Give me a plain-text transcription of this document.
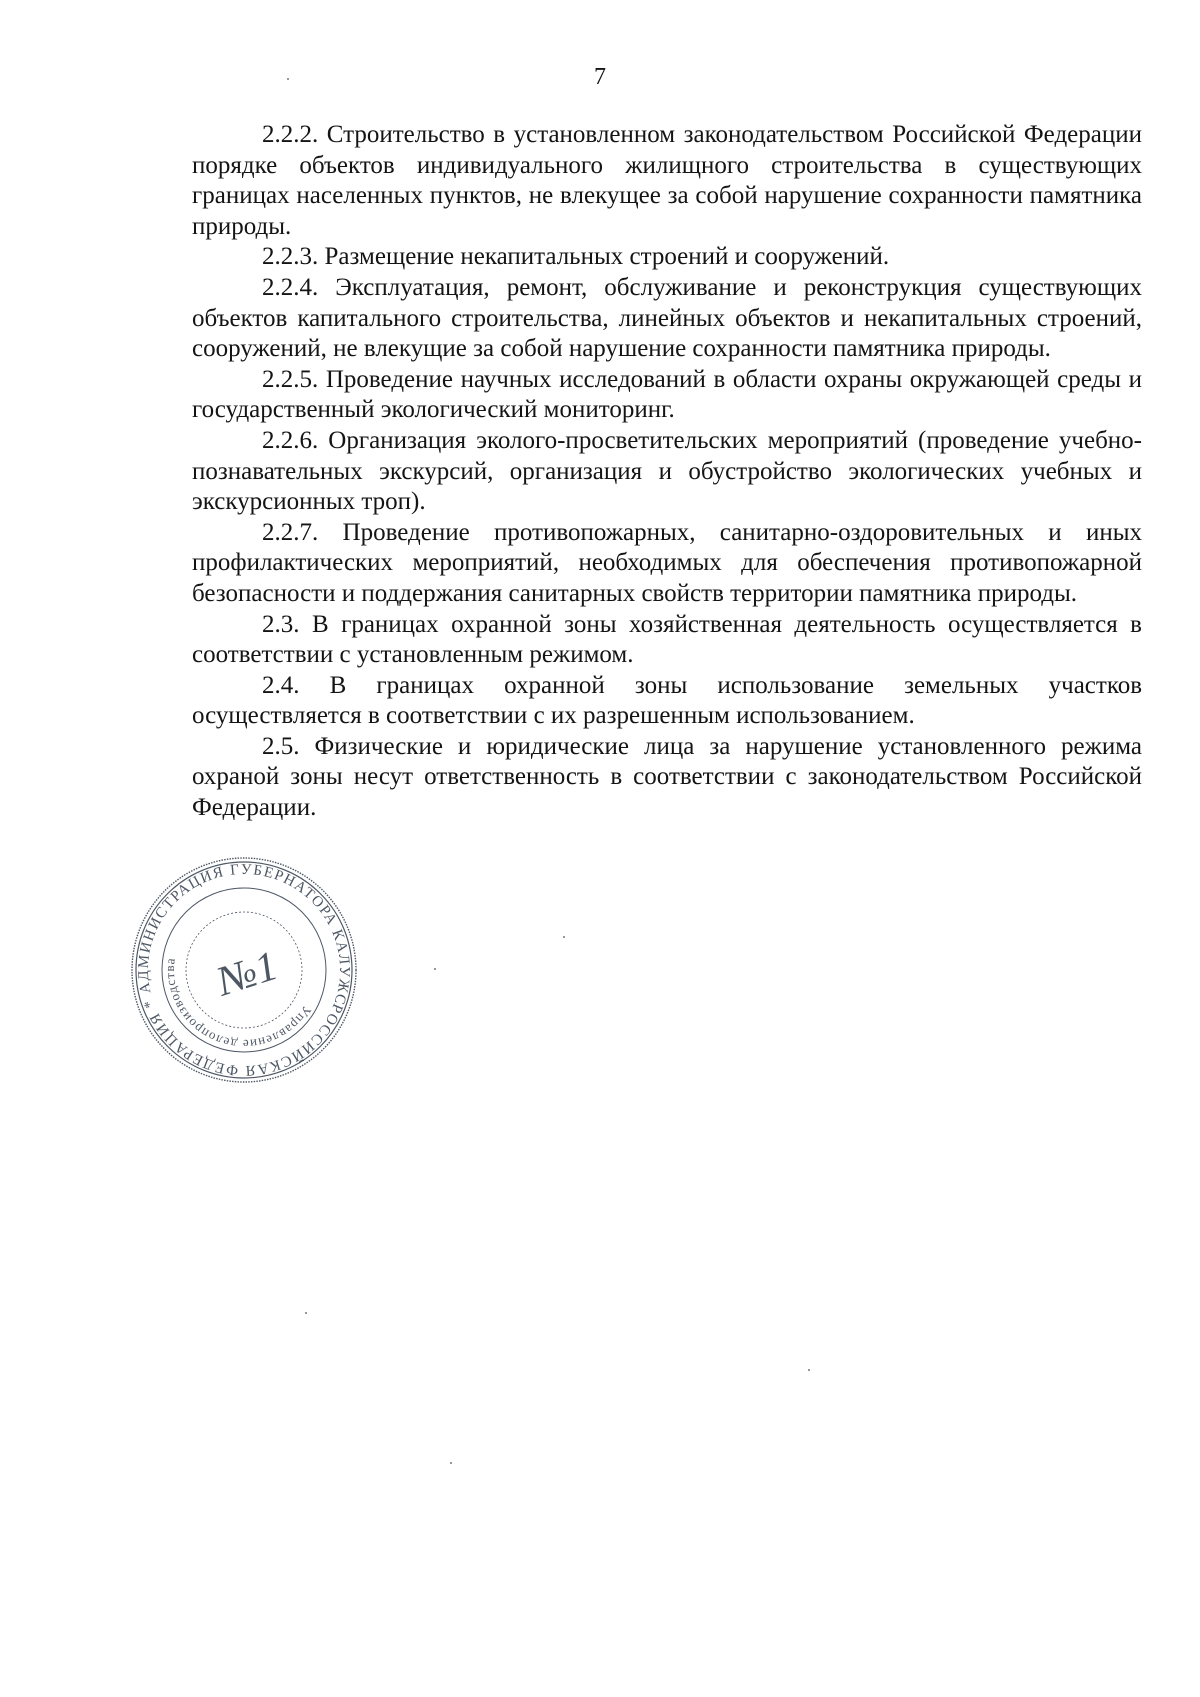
7

2.2.2. Строительство в установленном законодательством Российской Федерации порядке объектов индивидуального жилищного строительства в существующих границах населенных пунктов, не влекущее за собой нарушение сохранности памятника природы.

2.2.3. Размещение некапитальных строений и сооружений.

2.2.4. Эксплуатация, ремонт, обслуживание и реконструкция существующих объектов капитального строительства, линейных объектов и некапитальных строений, сооружений, не влекущие за собой нарушение сохранности памятника природы.

2.2.5. Проведение научных исследований в области охраны окружающей среды и государственный экологический мониторинг.

2.2.6. Организация эколого-просветительских мероприятий (проведение учебно-познавательных экскурсий, организация и обустройство экологических учебных и экскурсионных троп).

2.2.7. Проведение противопожарных, санитарно-оздоровительных и иных профилактических мероприятий, необходимых для обеспечения противопожарной безопасности и поддержания санитарных свойств территории памятника природы.

2.3. В границах охранной зоны хозяйственная деятельность осуществляется в соответствии с установленным режимом.

2.4. В границах охранной зоны использование земельных участков осуществляется в соответствии с их разрешенным использованием.

2.5. Физические и юридические лица за нарушение установленного режима охраной зоны несут ответственность в соответствии с законодательством Российской Федерации.

РОССИЙСКАЯ ФЕДЕРАЦИЯ * АДМИНИСТРАЦИЯ ГУБЕРНАТОРА КАЛУЖСКОЙ
Управление делопроизводства №1
